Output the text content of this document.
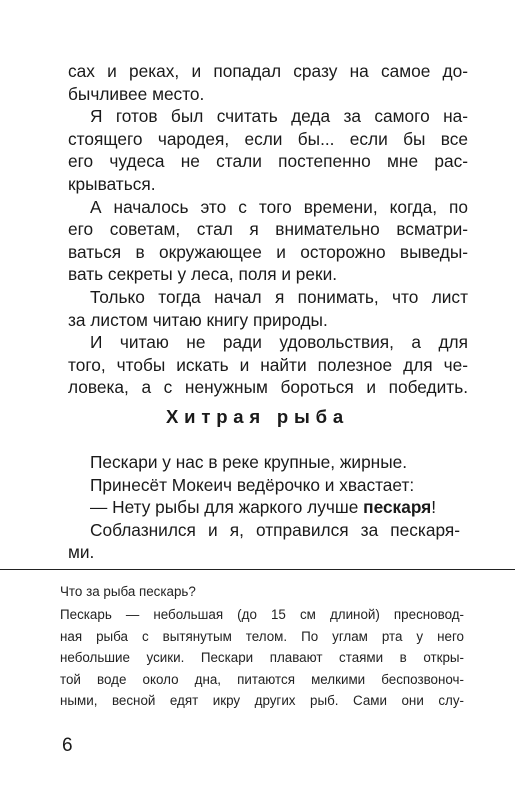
сах и реках, и попадал сразу на самое до-
бычливее место.

Я готов был считать деда за самого на-
стоящего чародея, если бы... если бы все
его чудеса не стали постепенно мне рас-
крываться.

А началось это с того времени, когда, по
его советам, стал я внимательно всматри-
ваться в окружающее и осторожно выведы-
вать секреты у леса, поля и реки.

Только тогда начал я понимать, что лист
за листом читаю книгу природы.

И читаю не ради удовольствия, а для
того, чтобы искать и найти полезное для че-
ловека, а с ненужным бороться и победить.

Хитрая рыба
Пескари у нас в реке крупные, жирные.
Принесёт Мокеич ведёрочко и хвастает:
— Нету рыбы для жаркого лучше пескаря!
Соблазнился и я, отправился за пескаря-
ми.
Что за рыба пескарь?
Пескарь — небольшая (до 15 см длиной) пресновод-
ная рыба с вытянутым телом. По углам рта у него
небольшие усики. Пескари плавают стаями в откры-
той воде около дна, питаются мелкими беспозвоноч-
ными, весной едят икру других рыб. Сами они слу-
6
